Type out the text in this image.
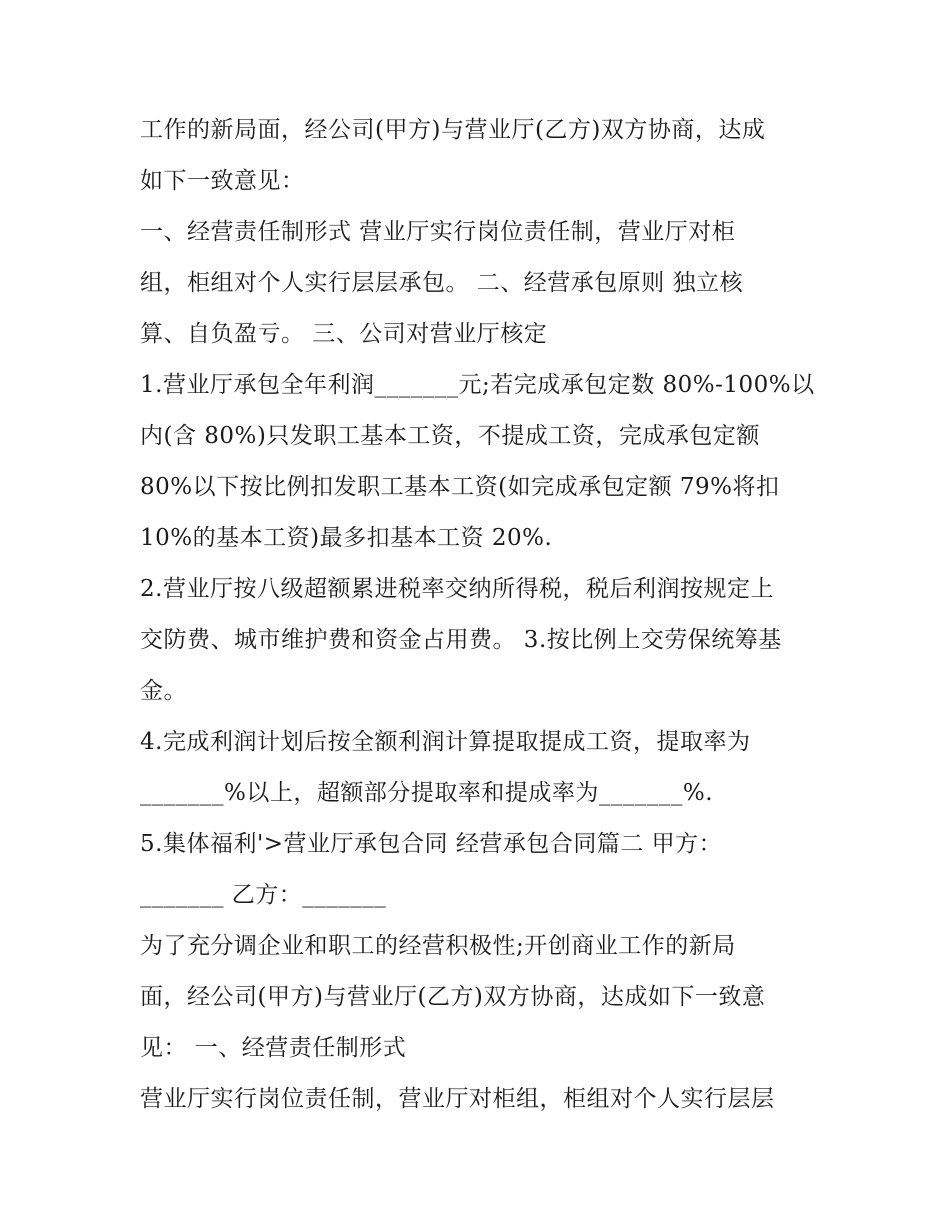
工作的新局面，经公司(甲方)与营业厅(乙方)双方协商，达成
如下一致意见：
一、经营责任制形式 营业厅实行岗位责任制，营业厅对柜
组，柜组对个人实行层层承包。 二、经营承包原则 独立核
算、自负盈亏。 三、公司对营业厅核定
1.营业厅承包全年利润_______元;若完成承包定数 80%-100%以
内(含 80%)只发职工基本工资，不提成工资，完成承包定额
80%以下按比例扣发职工基本工资(如完成承包定额 79%将扣
10%的基本工资)最多扣基本工资 20%.
2.营业厅按八级超额累进税率交纳所得税，税后利润按规定上
交防费、城市维护费和资金占用费。 3.按比例上交劳保统筹基
金。
4.完成利润计划后按全额利润计算提取提成工资，提取率为
_______%以上，超额部分提取率和提成率为_______%.
5.集体福利'>营业厅承包合同 经营承包合同篇二 甲方：
_______ 乙方：_______
为了充分调企业和职工的经营积极性;开创商业工作的新局
面，经公司(甲方)与营业厅(乙方)双方协商，达成如下一致意
见： 一、经营责任制形式
营业厅实行岗位责任制，营业厅对柜组，柜组对个人实行层层
